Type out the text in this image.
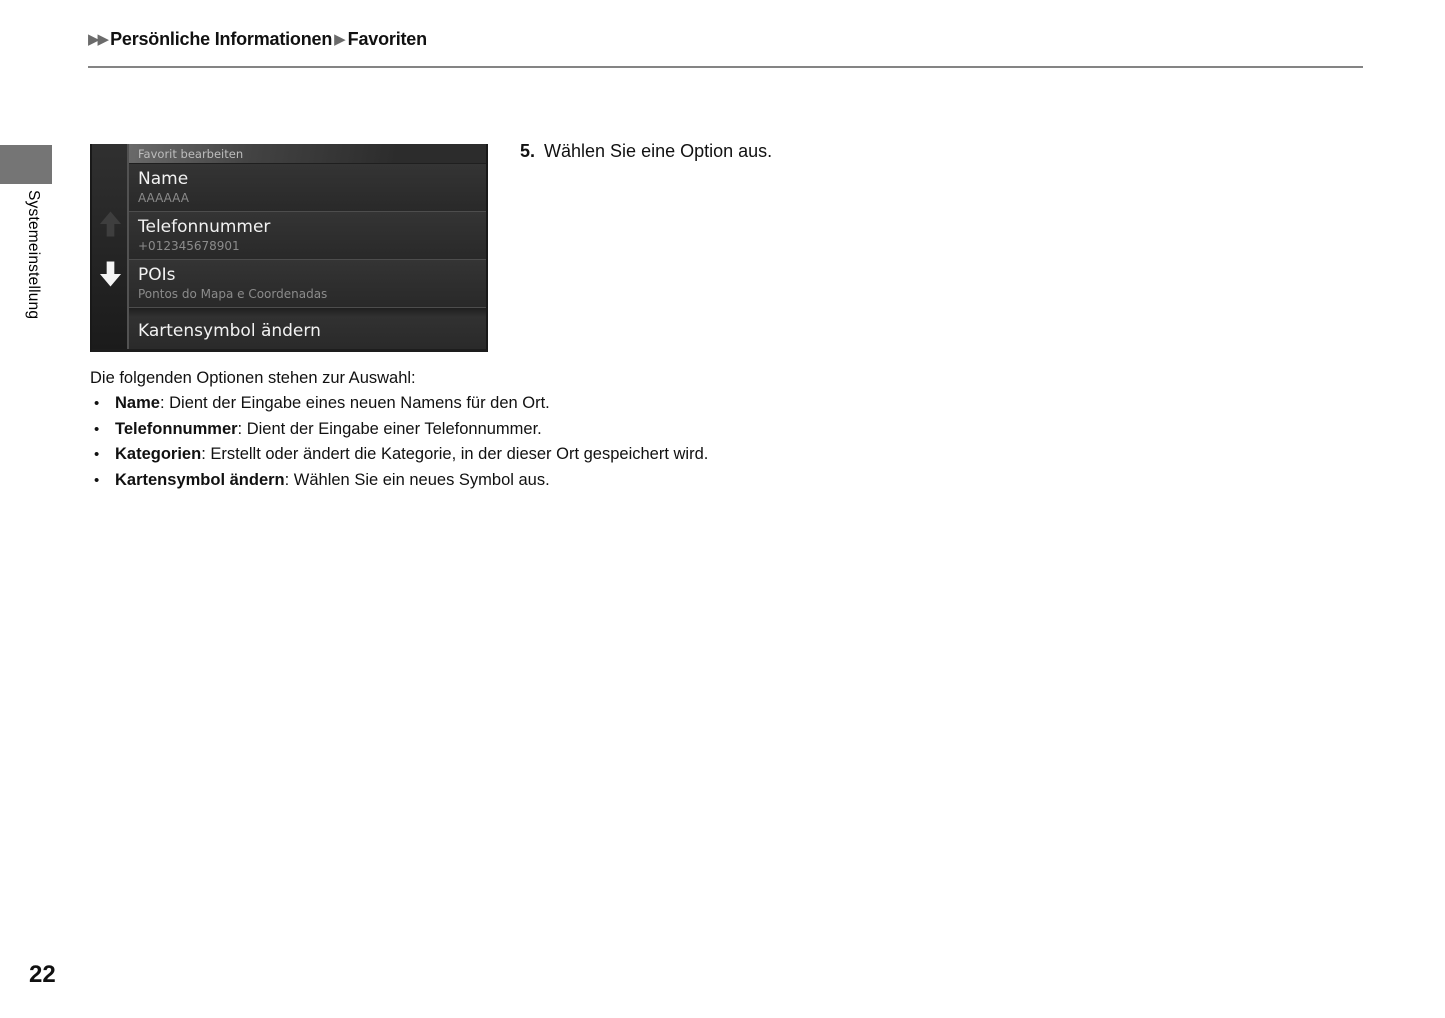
▶▶ Persönliche Informationen ▶ Favoriten
Systemeinstellung
Favorit bearbeiten
Name
AAAAAA
Telefonnummer
+012345678901
POIs
Pontos do Mapa e Coordenadas
Kartensymbol ändern
5. Wählen Sie eine Option aus.
Die folgenden Optionen stehen zur Auswahl:
• Name: Dient der Eingabe eines neuen Namens für den Ort.
• Telefonnummer: Dient der Eingabe einer Telefonnummer.
• Kategorien: Erstellt oder ändert die Kategorie, in der dieser Ort gespeichert wird.
• Kartensymbol ändern: Wählen Sie ein neues Symbol aus.
22
